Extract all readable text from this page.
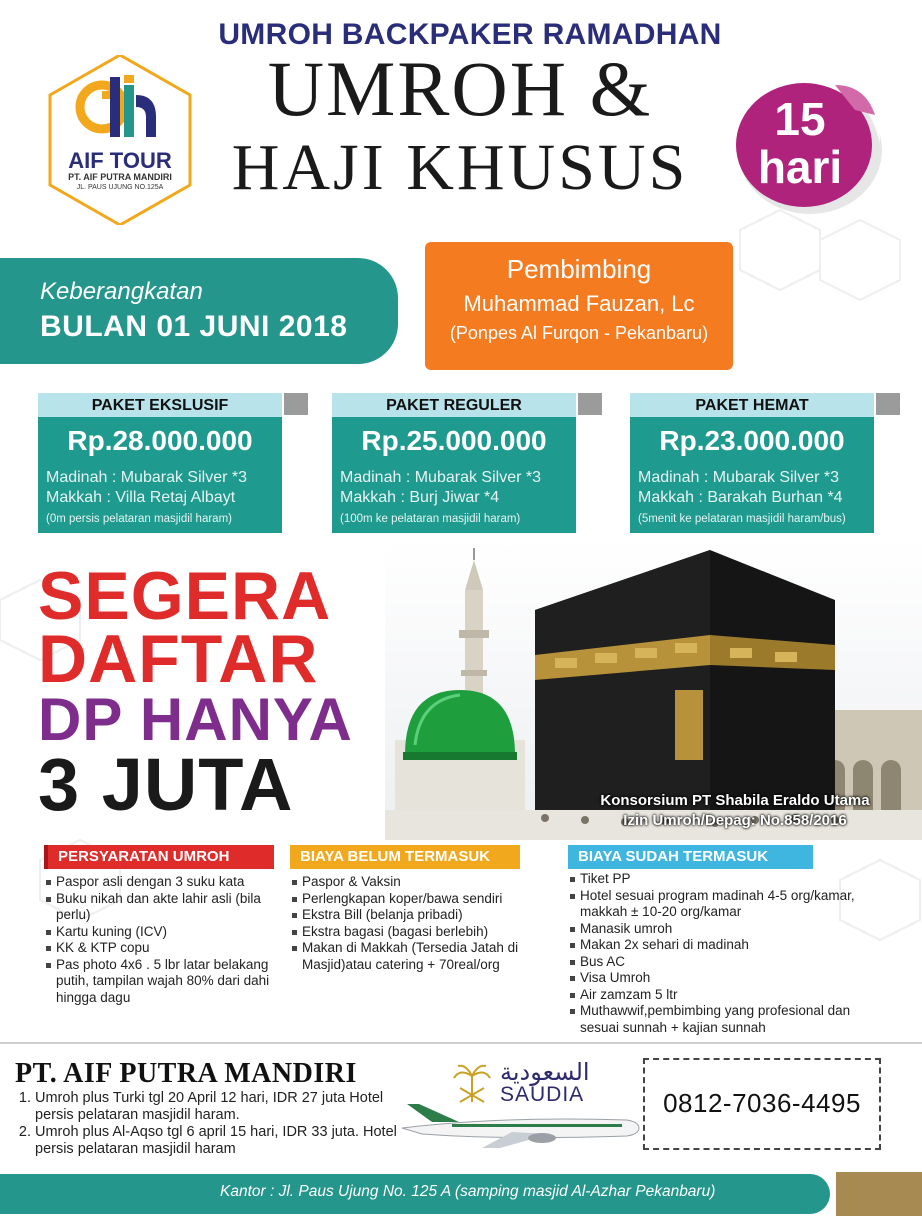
AIF TOUR
PT. AIF PUTRA MANDIRI
JL. PAUS UJUNG NO.125A
UMROH BACKPAKER RAMADHAN
UMROH &
HAJI KHUSUS
15
hari
Keberangkatan
BULAN 01 JUNI 2018
Pembimbing
Muhammad Fauzan, Lc
(Ponpes Al Furqon - Pekanbaru)
PAKET EKSLUSIF
Rp.28.000.000
Madinah : Mubarak Silver *3
Makkah : Villa Retaj Albayt
(0m persis pelataran masjidil haram)
PAKET REGULER
Rp.25.000.000
Madinah : Mubarak Silver *3
Makkah : Burj Jiwar *4
(100m ke pelataran masjidil haram)
PAKET HEMAT
Rp.23.000.000
Madinah : Mubarak Silver *3
Makkah : Barakah Burhan *4
(5menit ke pelataran masjidil haram/bus)
SEGERA
DAFTAR
DP HANYA
3 JUTA	Konsorsium PT Shabila Eraldo Utama
Izin Umroh/Depag: No.858/2016
PERSYARATAN UMROH
Paspor asli dengan 3 suku kata
Buku nikah dan akte lahir asli (bila perlu)
Kartu kuning (ICV)
KK & KTP copu
Pas photo 4x6 . 5 lbr latar belakang putih, tampilan wajah 80% dari dahi hingga dagu
BIAYA BELUM TERMASUK
Paspor & Vaksin
Perlengkapan koper/bawa sendiri
Ekstra Bill (belanja pribadi)
Ekstra bagasi (bagasi berlebih)
Makan di Makkah (Tersedia Jatah di Masjid)atau catering + 70real/org
BIAYA SUDAH TERMASUK
Tiket PP
Hotel sesuai program madinah 4-5 org/kamar, makkah ± 10-20 org/kamar
Manasik umroh
Makan 2x sehari di madinah
Bus AC
Visa Umroh
Air zamzam 5 ltr
Muthawwif,pembimbing yang profesional dan sesuai sunnah + kajian sunnah
PT. AIF PUTRA MANDIRI
1. Umroh plus Turki tgl 20 April 12 hari, IDR 27 juta Hotel persis pelataran masjidil haram.
2. Umroh plus Al-Aqso tgl 6 april 15 hari, IDR 33 juta. Hotel persis pelataran masjidil haram
السعودية
SAUDIA	0812-7036-4495
Kantor : Jl. Paus Ujung No. 125 A (samping masjid Al-Azhar Pekanbaru)
